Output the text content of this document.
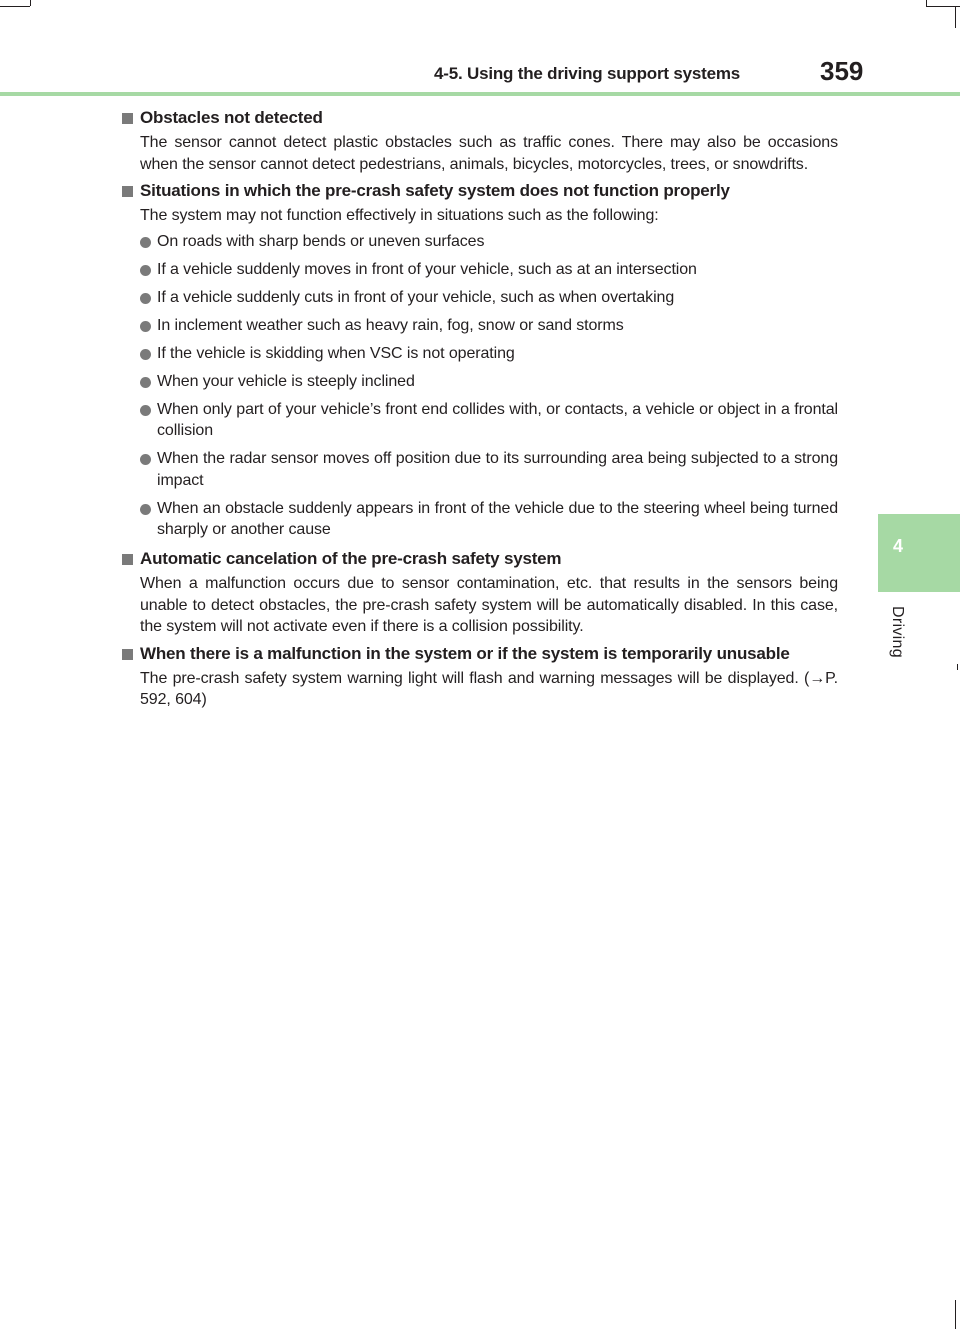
4-5. Using the driving support systems	359
4
Driving
Obstacles not detected
The sensor cannot detect plastic obstacles such as traffic cones. There may also be occasions when the sensor cannot detect pedestrians, animals, bicycles, motorcycles, trees, or snowdrifts.
Situations in which the pre-crash safety system does not function properly
The system may not function effectively in situations such as the following:
On roads with sharp bends or uneven surfaces
If a vehicle suddenly moves in front of your vehicle, such as at an intersection
If a vehicle suddenly cuts in front of your vehicle, such as when overtaking
In inclement weather such as heavy rain, fog, snow or sand storms
If the vehicle is skidding when VSC is not operating
When your vehicle is steeply inclined
When only part of your vehicle’s front end collides with, or contacts, a vehicle or object in a frontal collision
When the radar sensor moves off position due to its surrounding area being subjected to a strong impact
When an obstacle suddenly appears in front of the vehicle due to the steering wheel being turned sharply or another cause
Automatic cancelation of the pre-crash safety system
When a malfunction occurs due to sensor contamination, etc. that results in the sensors being unable to detect obstacles, the pre-crash safety system will be automatically disabled. In this case, the system will not activate even if there is a collision possibility.
When there is a malfunction in the system or if the system is temporarily unusable
The pre-crash safety system warning light will flash and warning messages will be displayed. (→P. 592, 604)
